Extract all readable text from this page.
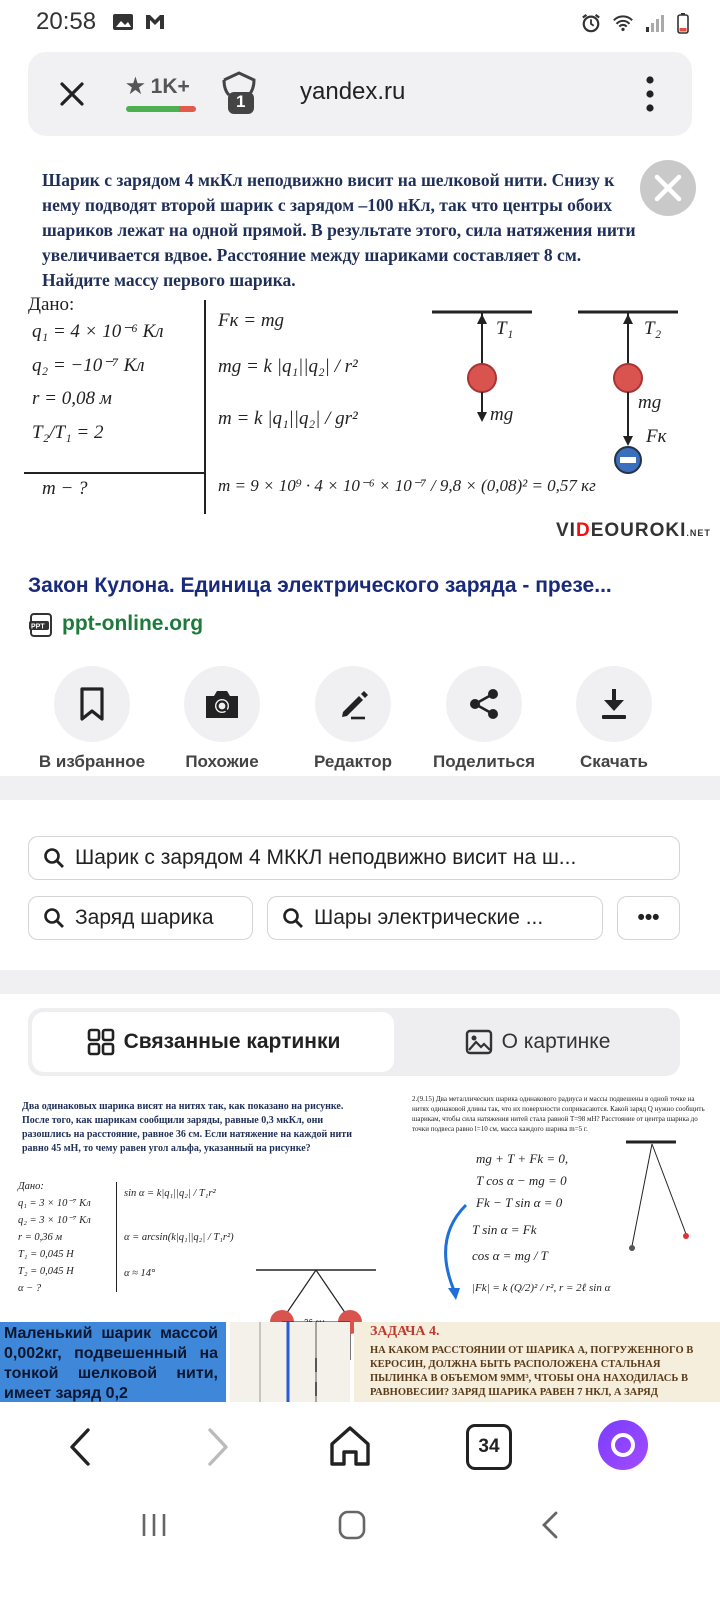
20:58
★ 1K+
1 yandex.ru
Шарик с зарядом 4 мкКл неподвижно висит на шелковой нити. Снизу к нему подводят второй шарик с зарядом –100 нКл, так что центры обоих шариков лежат на одной прямой. В результате этого, сила натяжения нити увеличивается вдвое. Расстояние между шариками составляет 8 см. Найдите массу первого шарика.
Дано:
q₁ = 4 × 10⁻⁶ Кл
q₂ = −10⁻⁷ Кл
r = 0,08 м
T₂/T₁ = 2
m − ?
Fк = mg
mg = k |q₁||q₂| / r²
m = k |q₁||q₂| / gr²
m = 9 × 10⁹ · 4 × 10⁻⁶ × 10⁻⁷ / 9,8 × (0,08)² = 0,57 кг
T₁	T₂
mg
mg
Fк
VIDEOUROKI.NET
Закон Кулона. Единица электрического заряда - презе...
PPT ppt-online.org
В избранное	Похожие	Редактор	Поделиться	Скачать
Шарик с зарядом 4 МККЛ неподвижно висит на ш...
Заряд шарика	Шары электрические ...	•••
Связанные картинки	О картинке
Два одинаковых шарика висят на нитях так, как показано на рисунке. После того, как шарикам сообщили заряды, равные 0,3 мкКл, они разошлись на расстояние, равное 36 см. Если натяжение на каждой нити равно 45 мН, то чему равен угол альфа, указанный на рисунке?
Дано:
q₁ = 3 × 10⁻⁷ Кл
q₂ = 3 × 10⁻⁷ Кл
r = 0,36 м
T₁ = 0,045 Н
T₂ = 0,045 Н
α − ?
sin α = k|q₁||q₂| / T₁r²
α = arcsin(k|q₁||q₂| / T₁r²)
α ≈ 14°
2.(9.15) Два металлических шарика одинакового радиуса и массы подвешены в одной точке на нитях одинаковой длины так, что их поверхности соприкасаются. Какой заряд Q нужно сообщить шарикам, чтобы сила натяжения нитей стала равной T=98 мН? Расстояние от центра шарика до точки подвеса равно l=10 см, масса каждого шарика m=5 г.
mg + T + Fk = 0,
T cos α − mg = 0
Fk − T sin α = 0
T sin α = Fk
cos α = mg / T
|Fk| = k (Q/2)² / r², r = 2ℓ sin α
Маленький шарик массой 0,002кг, подвешенный на тонкой шелковой нити, имеет заряд 0,2
ЗАДАЧА 4.
НА КАКОМ РАССТОЯНИИ ОТ ШАРИКА А, ПОГРУЖЕННОГО В КЕРОСИН, ДОЛЖНА БЫТЬ РАСПОЛОЖЕНА СТАЛЬНАЯ ПЫЛИНКА В ОБЪЕМОМ 9ММ³, ЧТОБЫ ОНА НАХОДИЛАСЬ В РАВНОВЕСИИ? ЗАРЯД ШАРИКА РАВЕН 7 НКЛ, А ЗАРЯД
34
